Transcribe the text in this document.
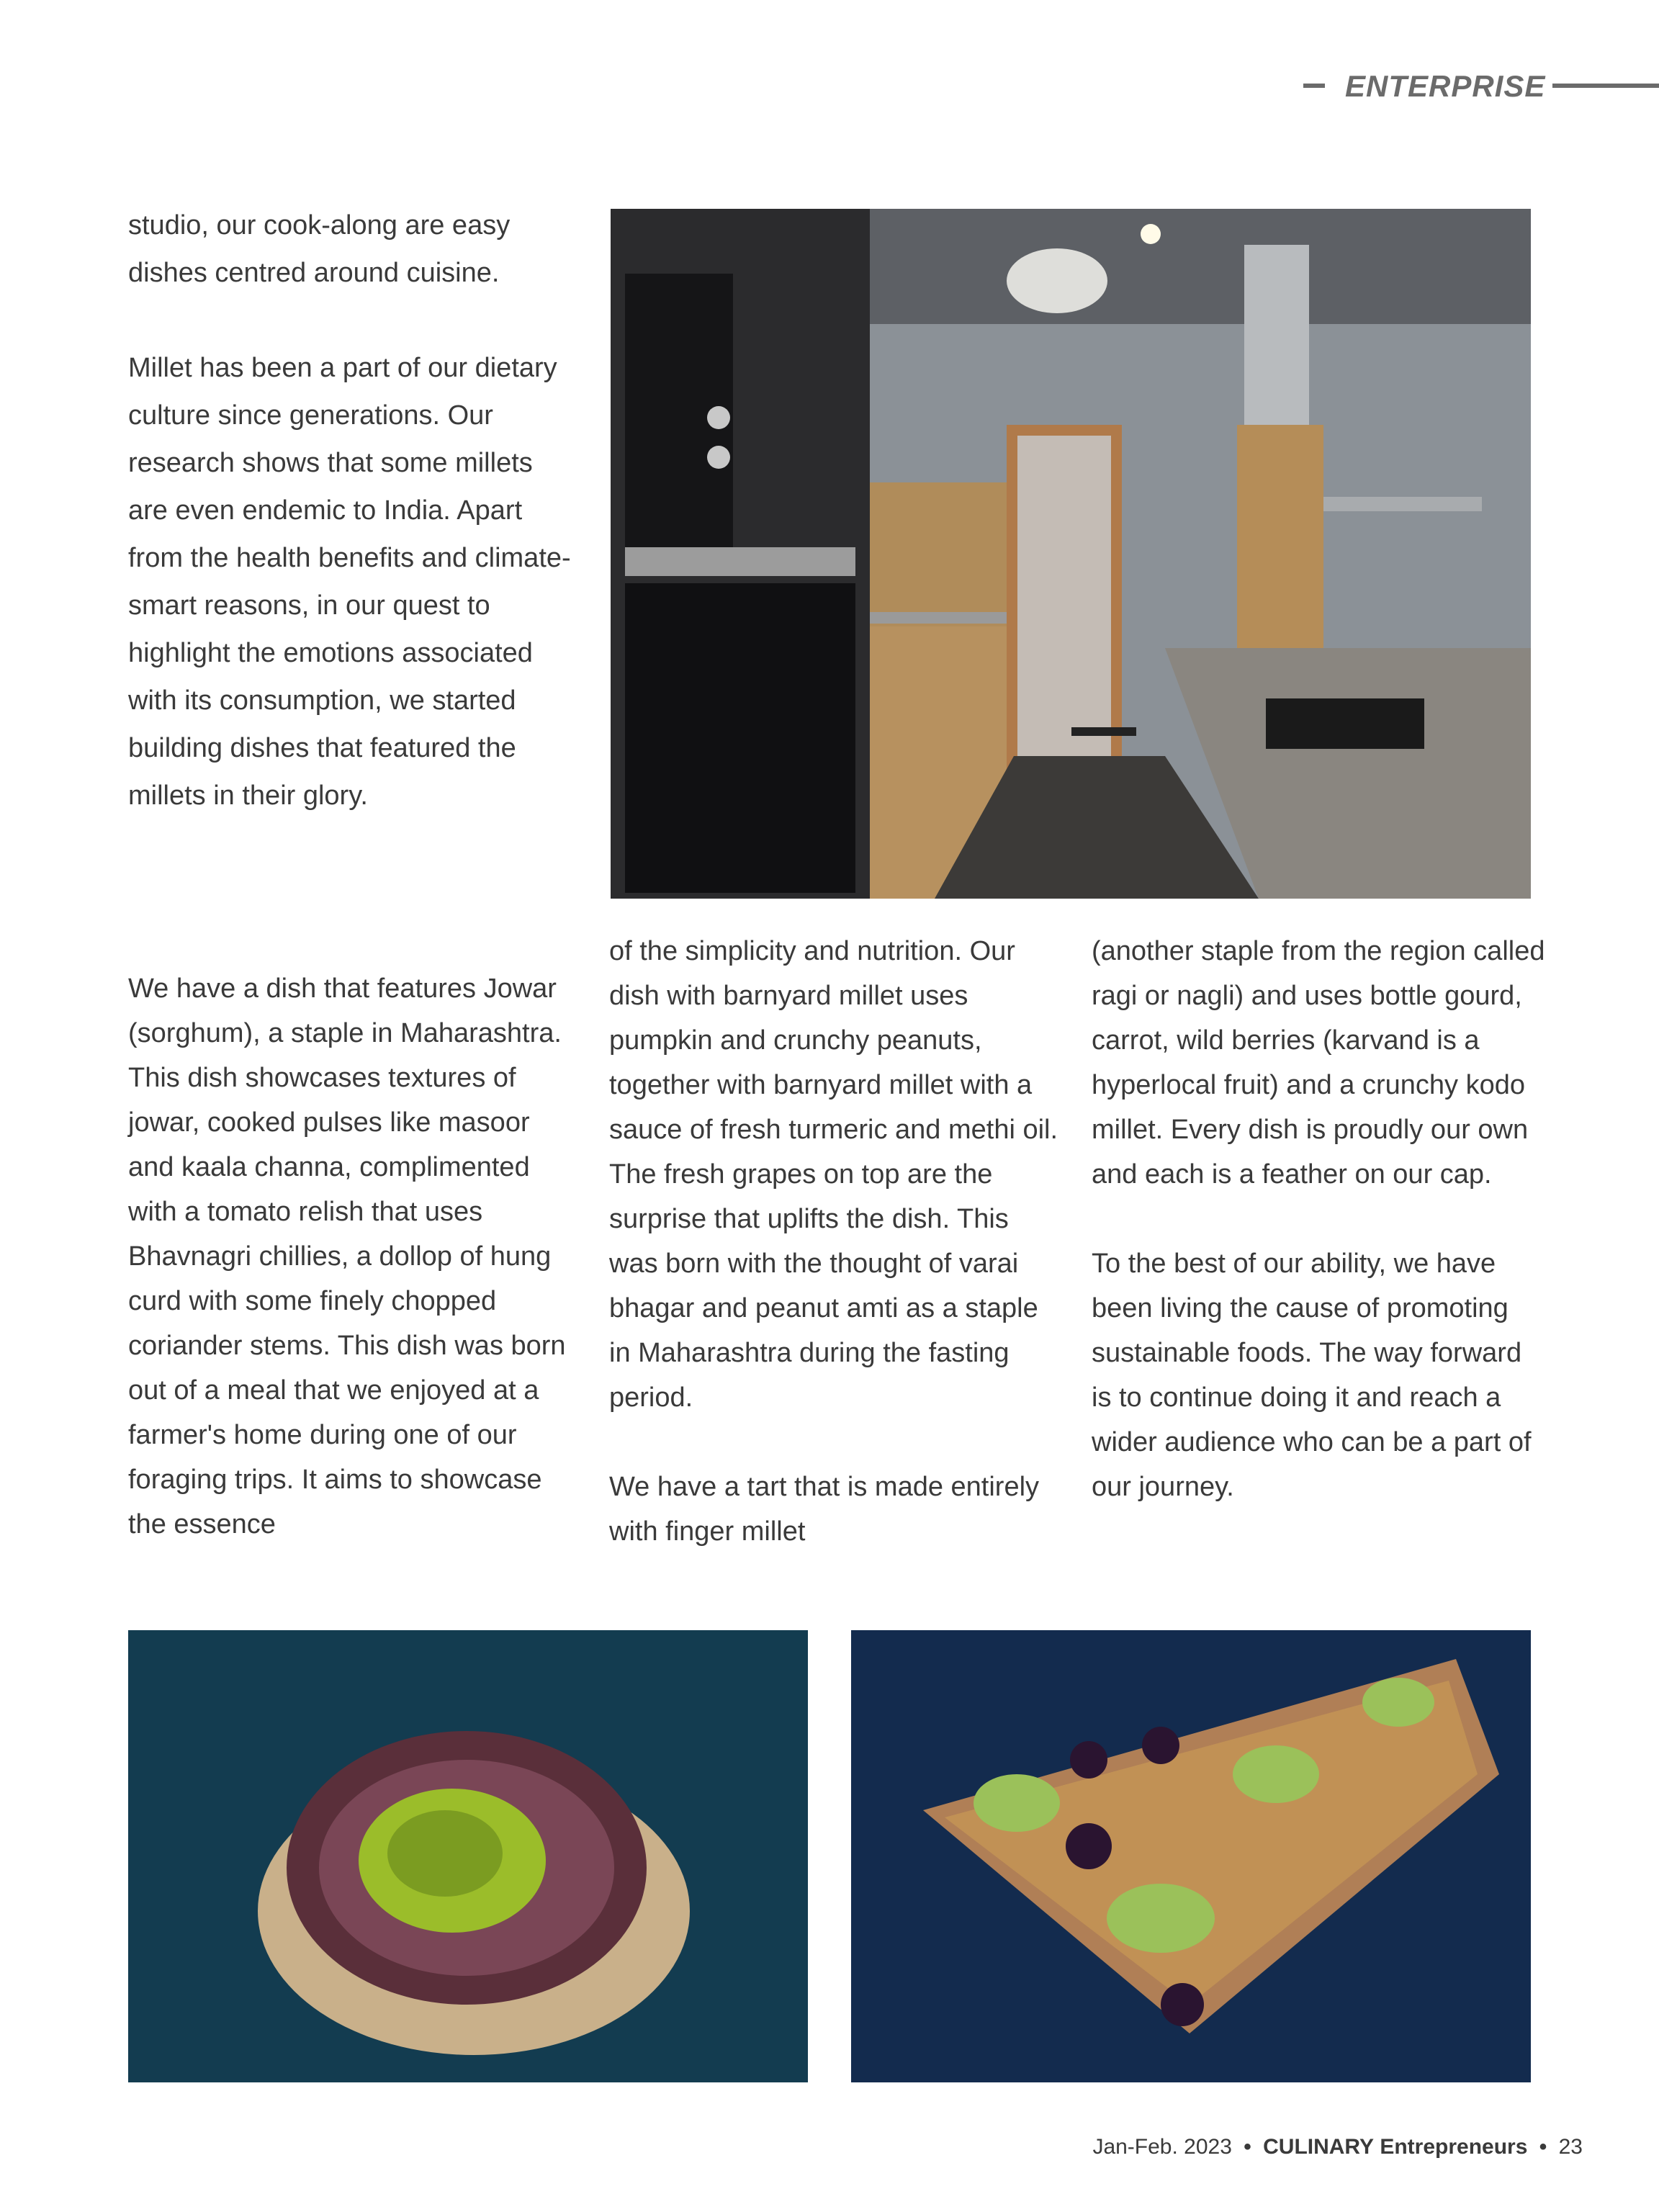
ENTERPRISE

studio, our cook-along are easy dishes centred around cuisine.

Millet has been a part of our dietary culture since generations. Our research shows that some millets are even endemic to India. Apart from the health benefits and climate-smart reasons, in our quest to highlight the emotions associated with its consumption, we started building dishes that featured the millets in their glory.

We have a dish that features Jowar (sorghum), a staple in Maharashtra. This dish showcases textures of jowar, cooked pulses like masoor and kaala channa, complimented with a tomato relish that uses Bhavnagri chillies, a dollop of hung curd with some finely chopped coriander stems. This dish was born out of a meal that we enjoyed at a farmer's home during one of our foraging trips. It aims to showcase the essence

of the simplicity and nutrition. Our dish with barnyard millet uses pumpkin and crunchy peanuts, together with barnyard millet with a sauce of fresh turmeric and methi oil. The fresh grapes on top are the surprise that uplifts the dish. This was born with the thought of varai bhagar and peanut amti as a staple in Maharashtra during the fasting period.

We have a tart that is made entirely with finger millet

(another staple from the region called ragi or nagli) and uses bottle gourd, carrot, wild berries (karvand is a hyperlocal fruit) and a crunchy kodo millet. Every dish is proudly our own and each is a feather on our cap.

To the best of our ability, we have been living the cause of promoting sustainable foods. The way forward is to continue doing it and reach a wider audience who can be a part of our journey.

Jan-Feb. 2023 • CULINARY Entrepreneurs • 23
